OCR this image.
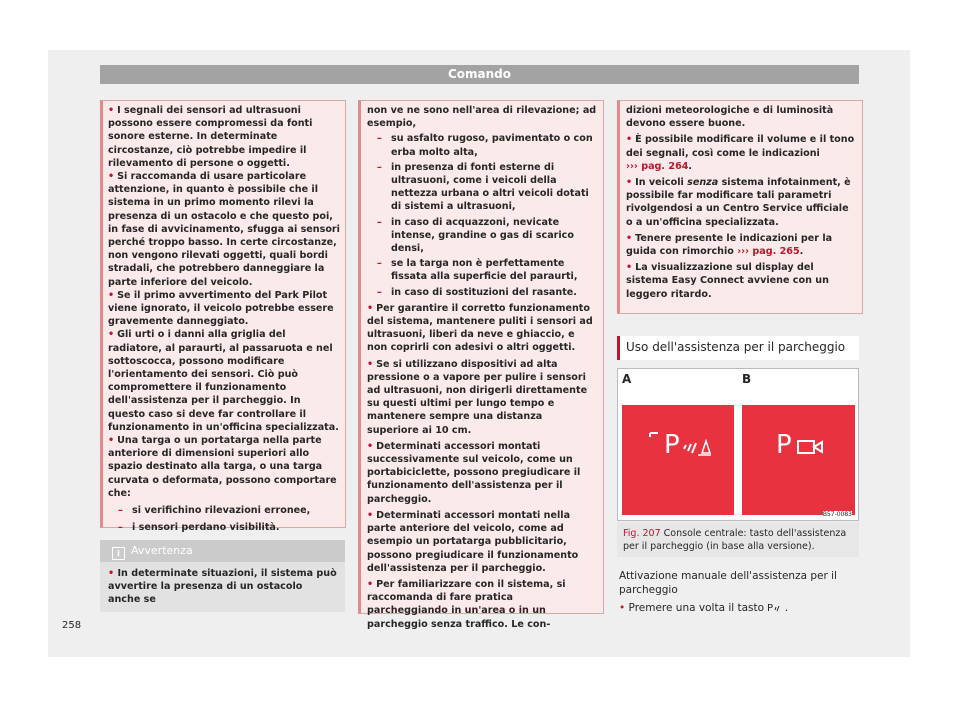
Comando

• I segnali dei sensori ad ultrasuoni possono essere compromessi da fonti sonore esterne. In determinate circostanze, ciò potrebbe impedire il rilevamento di persone o oggetti.

• Si raccomanda di usare particolare attenzione, in quanto è possibile che il sistema in un primo momento rilevi la presenza di un ostacolo e che questo poi, in fase di avvicinamento, sfugga ai sensori perché troppo basso. In certe circostanze, non vengono rilevati oggetti, quali bordi stradali, che potrebbero danneggiare la parte inferiore del veicolo.

• Se il primo avvertimento del Park Pilot viene ignorato, il veicolo potrebbe essere gravemente danneggiato.

• Gli urti o i danni alla griglia del radiatore, al paraurti, al passaruota e nel sottoscocca, possono modificare l'orientamento dei sensori. Ciò può compromettere il funzionamento dell'assistenza per il parcheggio. In questo caso si deve far controllare il funzionamento in un'officina specializzata.

• Una targa o un portatarga nella parte anteriore di dimensioni superiori allo spazio destinato alla targa, o una targa curvata o deformata, possono comportare che:

– si verifichino rilevazioni erronee,

– i sensori perdano visibilità.

i Avvertenza

• In determinate situazioni, il sistema può avvertire la presenza di un ostacolo anche se

non ve ne sono nell'area di rilevazione; ad esempio,

– su asfalto rugoso, pavimentato o con erba molto alta,

– in presenza di fonti esterne di ultrasuoni, come i veicoli della nettezza urbana o altri veicoli dotati di sistemi a ultrasuoni,

– in caso di acquazzoni, nevicate intense, grandine o gas di scarico densi,

– se la targa non è perfettamente fissata alla superficie del paraurti,

– in caso di sostituzioni del rasante.

• Per garantire il corretto funzionamento del sistema, mantenere puliti i sensori ad ultrasuoni, liberi da neve e ghiaccio, e non coprirli con adesivi o altri oggetti.

• Se si utilizzano dispositivi ad alta pressione o a vapore per pulire i sensori ad ultrasuoni, non dirigerli direttamente su questi ultimi per lungo tempo e mantenere sempre una distanza superiore ai 10 cm.

• Determinati accessori montati successivamente sul veicolo, come un portabiciclette, possono pregiudicare il funzionamento dell'assistenza per il parcheggio.

• Determinati accessori montati nella parte anteriore del veicolo, come ad esempio un portatarga pubblicitario, possono pregiudicare il funzionamento dell'assistenza per il parcheggio.

• Per familiarizzare con il sistema, si raccomanda di fare pratica parcheggiando in un'area o in un parcheggio senza traffico. Le con-

dizioni meteorologiche e di luminosità devono essere buone.

• È possibile modificare il volume e il tono dei segnali, così come le indicazioni
››› pag. 264.

• In veicoli senza sistema infotainment, è possibile far modificare tali parametri rivolgendosi a un Centro Service ufficiale o a un'officina specializzata.

• Tenere presente le indicazioni per la guida con rimorchio ››› pag. 265.

• La visualizzazione sul display del sistema Easy Connect avviene con un leggero ritardo.

Uso dell'assistenza per il parcheggio
A	B
P	P
B57-0083
Fig. 207 Console centrale: tasto dell'assistenza per il parcheggio (in base alla versione).
Attivazione manuale dell'assistenza per il parcheggio
• Premere una volta il tasto P .
258
